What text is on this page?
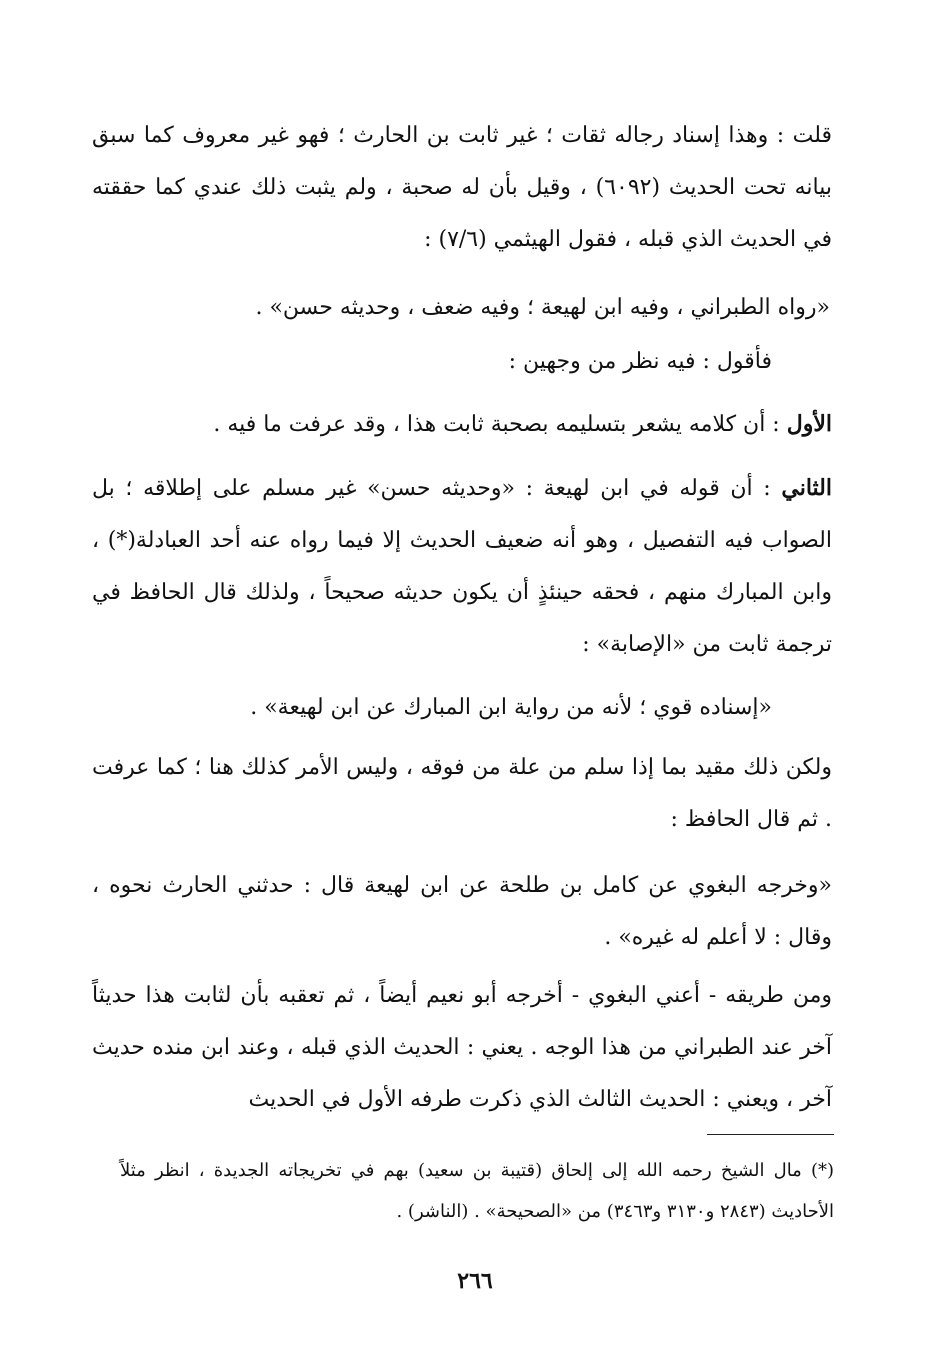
قلت : وهذا إسناد رجاله ثقات ؛ غير ثابت بن الحارث ؛ فهو غير معروف كما سبق بيانه تحت الحديث (٦٠٩٢) ، وقيل بأن له صحبة ، ولم يثبت ذلك عندي كما حققته في الحديث الذي قبله ، فقول الهيثمي (٧/٦) :

«رواه الطبراني ، وفيه ابن لهيعة ؛ وفيه ضعف ، وحديثه حسن» .

فأقول : فيه نظر من وجهين :

الأول : أن كلامه يشعر بتسليمه بصحبة ثابت هذا ، وقد عرفت ما فيه .

الثاني : أن قوله في ابن لهيعة : «وحديثه حسن» غير مسلم على إطلاقه ؛ بل الصواب فيه التفصيل ، وهو أنه ضعيف الحديث إلا فيما رواه عنه أحد العبادلة(*) ، وابن المبارك منهم ، فحقه حينئذٍ أن يكون حديثه صحيحاً ، ولذلك قال الحافظ في ترجمة ثابت من «الإصابة» :

«إسناده قوي ؛ لأنه من رواية ابن المبارك عن ابن لهيعة» .

ولكن ذلك مقيد بما إذا سلم من علة من فوقه ، وليس الأمر كذلك هنا ؛ كما عرفت . ثم قال الحافظ :

«وخرجه البغوي عن كامل بن طلحة عن ابن لهيعة قال : حدثني الحارث نحوه ، وقال : لا أعلم له غيره» .

ومن طريقه - أعني البغوي - أخرجه أبو نعيم أيضاً ، ثم تعقبه بأن لثابت هذا حديثاً آخر عند الطبراني من هذا الوجه . يعني : الحديث الذي قبله ، وعند ابن منده حديث آخر ، ويعني : الحديث الثالث الذي ذكرت طرفه الأول في الحديث

(*) مال الشيخ رحمه الله إلى إلحاق (قتيبة بن سعيد) بهم في تخريجاته الجديدة ، انظر مثلاً الأحاديث (٢٨٤٣ و٣١٣٠ و٣٤٦٣) من «الصحيحة» . (الناشر) .

٢٦٦
